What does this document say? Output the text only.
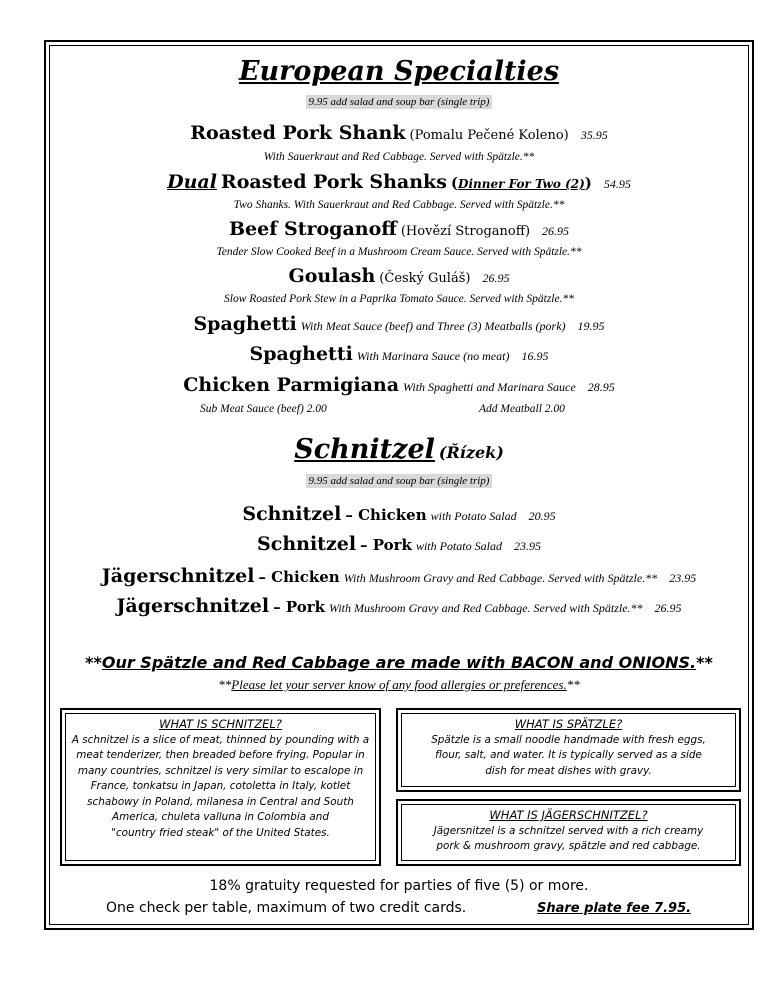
European Specialties
9.95 add salad and soup bar (single trip)
Roasted Pork Shank (Pomalu Pečené Koleno) 35.95
With Sauerkraut and Red Cabbage. Served with Spätzle.**
Dual Roasted Pork Shanks (Dinner For Two (2)) 54.95
Two Shanks. With Sauerkraut and Red Cabbage. Served with Spätzle.**
Beef Stroganoff (Hovězí Stroganoff) 26.95
Tender Slow Cooked Beef in a Mushroom Cream Sauce. Served with Spätzle.**
Goulash (Český Guláš) 26.95
Slow Roasted Pork Stew in a Paprika Tomato Sauce. Served with Spätzle.**
Spaghetti With Meat Sauce (beef) and Three (3) Meatballs (pork) 19.95
Spaghetti With Marinara Sauce (no meat) 16.95
Chicken Parmigiana With Spaghetti and Marinara Sauce 28.95
Sub Meat Sauce (beef) 2.00	Add Meatball 2.00
Schnitzel (Řízek)
9.95 add salad and soup bar (single trip)
Schnitzel – Chicken with Potato Salad 20.95
Schnitzel – Pork with Potato Salad 23.95
Jägerschnitzel – Chicken With Mushroom Gravy and Red Cabbage. Served with Spätzle.** 23.95
Jägerschnitzel – Pork With Mushroom Gravy and Red Cabbage. Served with Spätzle.** 26.95
**Our Spätzle and Red Cabbage are made with BACON and ONIONS.**
**Please let your server know of any food allergies or preferences.**
WHAT IS SCHNITZEL?
A schnitzel is a slice of meat, thinned by pounding with a
meat tenderizer, then breaded before frying. Popular in
many countries, schnitzel is very similar to escalope in
France, tonkatsu in Japan, cotoletta in Italy, kotlet
schabowy in Poland, milanesa in Central and South
America, chuleta valluna in Colombia and
"country fried steak" of the United States.
WHAT IS SPÄTZLE?
Spätzle is a small noodle handmade with fresh eggs,
flour, salt, and water. It is typically served as a side
dish for meat dishes with gravy.
WHAT IS JÄGERSCHNITZEL?
Jägersnitzel is a schnitzel served with a rich creamy
pork & mushroom gravy, spätzle and red cabbage.
18% gratuity requested for parties of five (5) or more.
One check per table, maximum of two credit cards.	Share plate fee 7.95.
